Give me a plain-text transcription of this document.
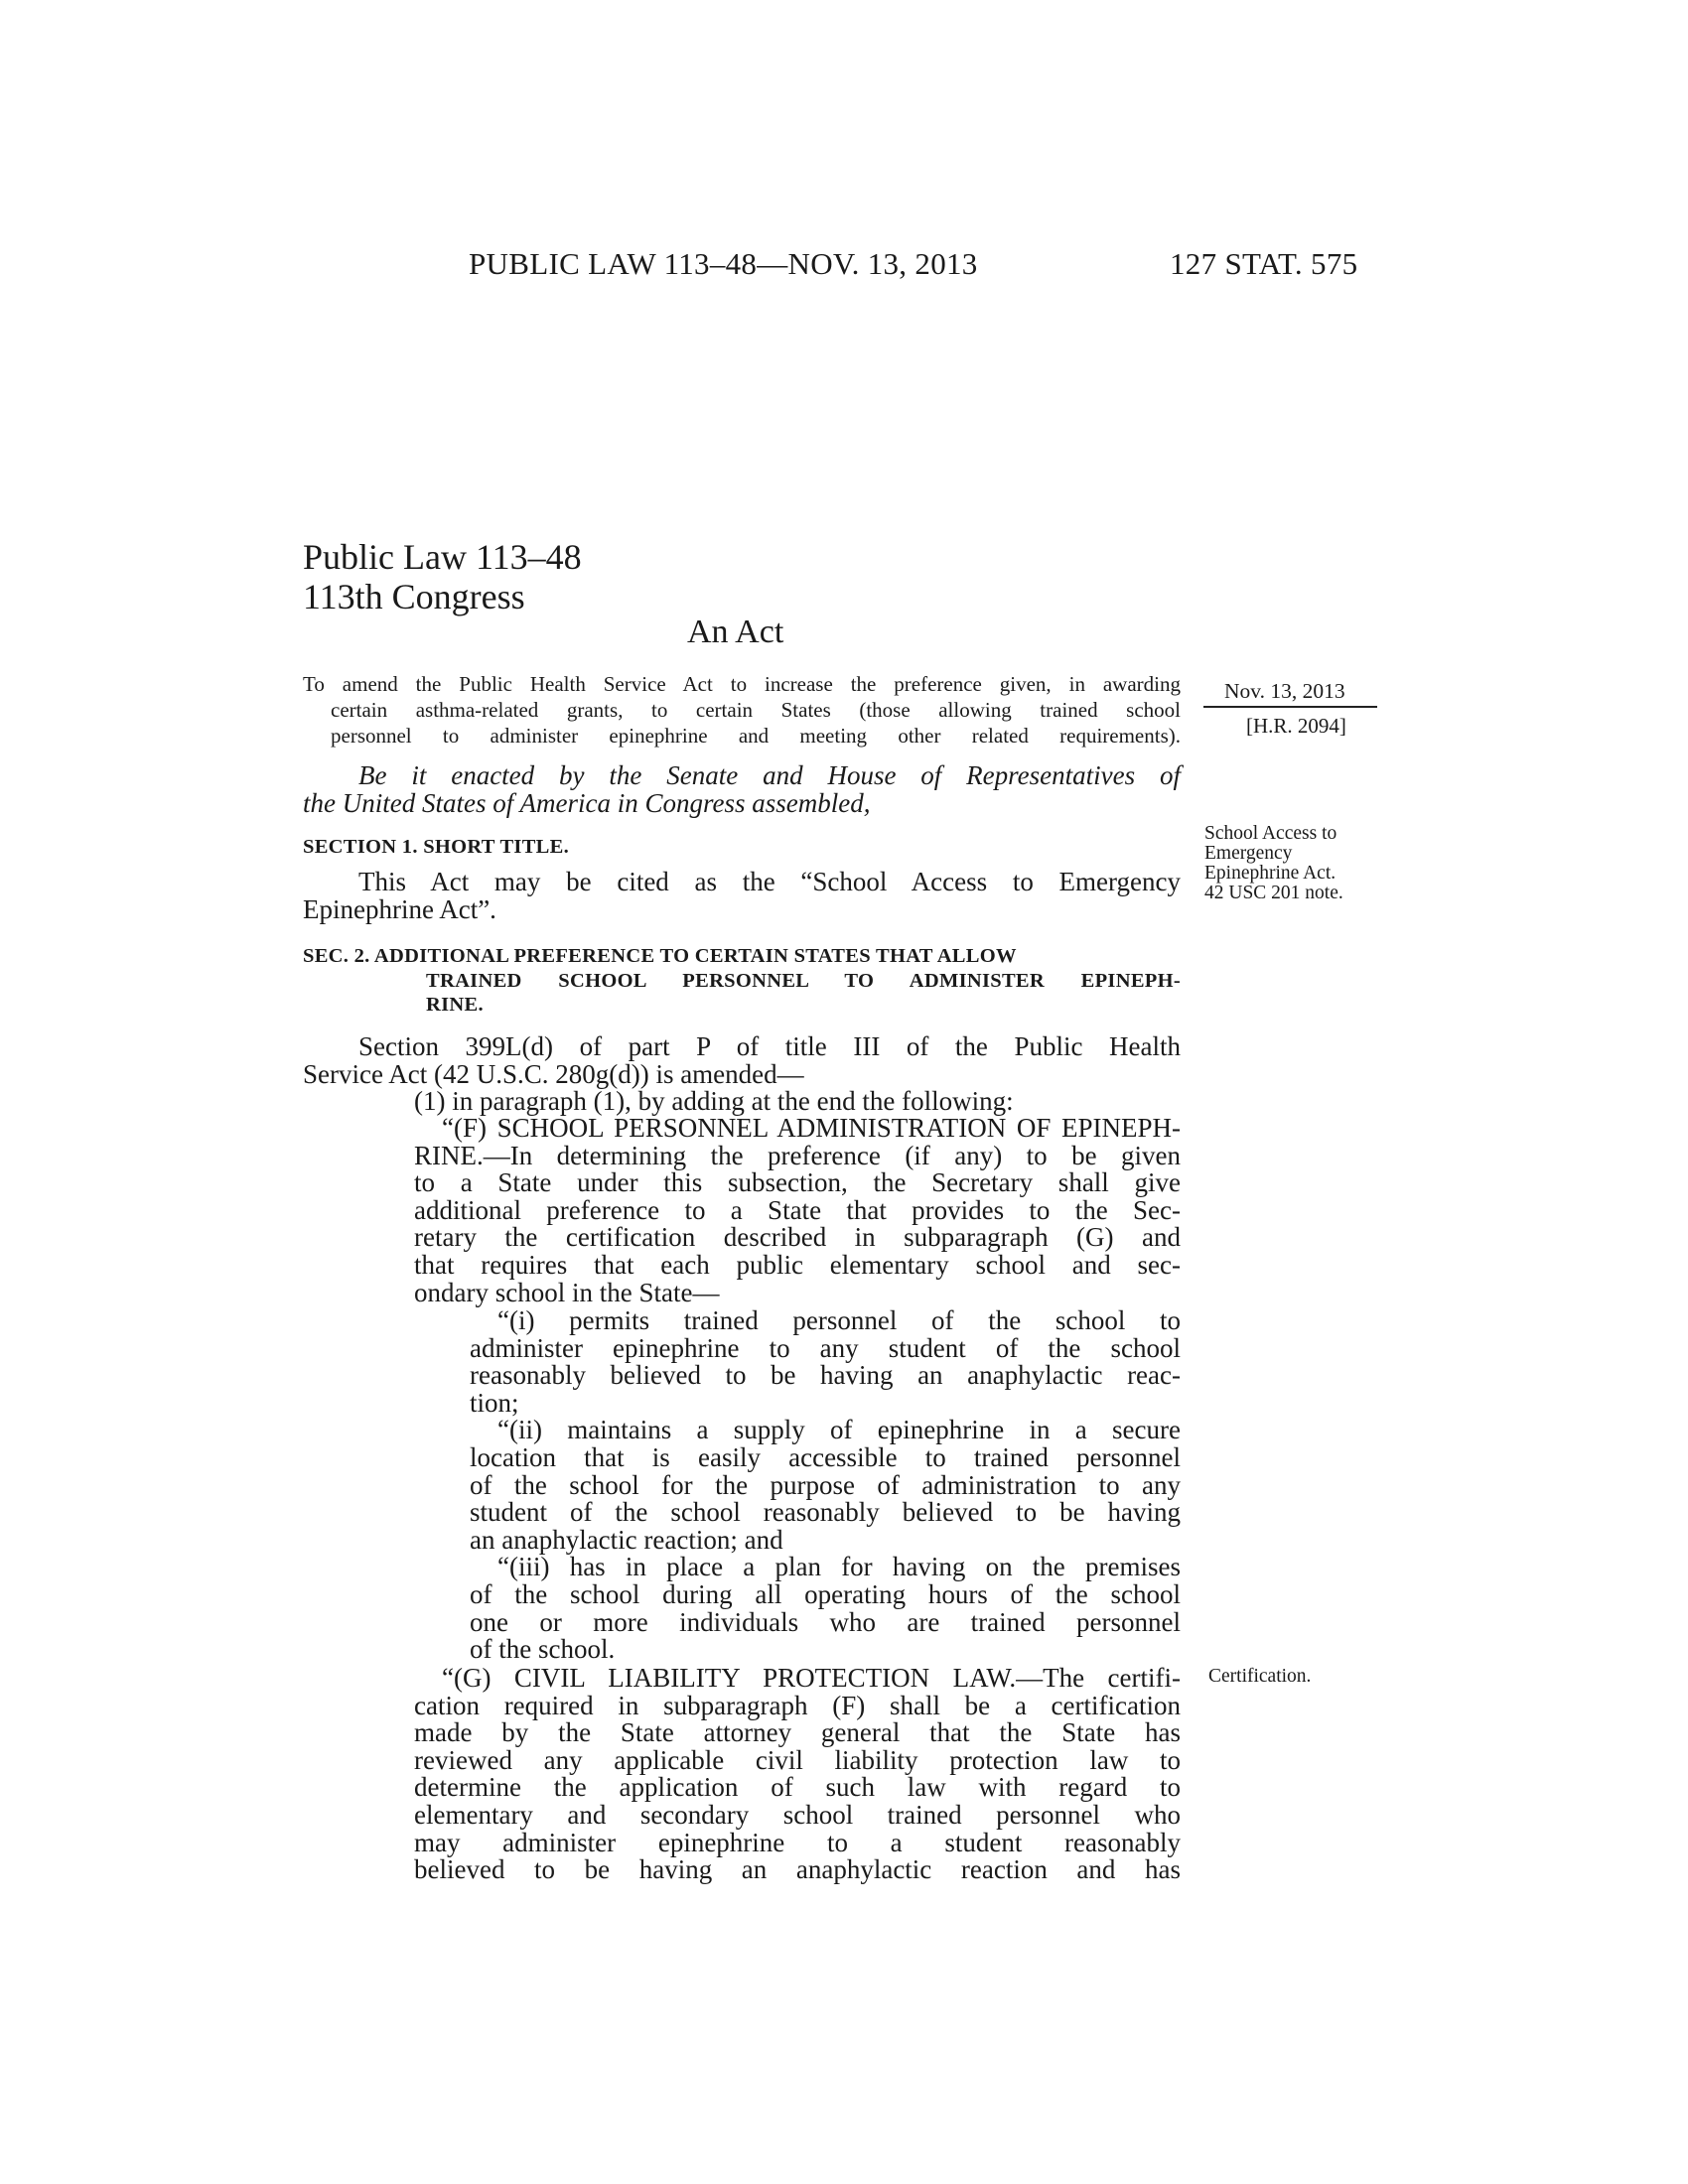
PUBLIC LAW 113–48—NOV. 13, 2013	127 STAT. 575
Public Law 113–48
113th Congress
An Act

To amend the Public Health Service Act to increase the preference given, in awarding

certain asthma-related grants, to certain States (those allowing trained school

personnel to administer epinephrine and meeting other related requirements).

Nov. 13, 2013
[H.R. 2094]
School Access to
Emergency
Epinephrine Act.
42 USC 201 note.
Certification.
Be it enacted by the Senate and House of Representatives of
the United States of America in Congress assembled,
SECTION 1. SHORT TITLE.
This Act may be cited as the “School Access to Emergency
Epinephrine Act”.
SEC. 2. ADDITIONAL PREFERENCE TO CERTAIN STATES THAT ALLOW
TRAINED SCHOOL PERSONNEL TO ADMINISTER EPINEPH-
RINE.
Section 399L(d) of part P of title III of the Public Health
Service Act (42 U.S.C. 280g(d)) is amended—
(1) in paragraph (1), by adding at the end the following:
“(F) SCHOOL PERSONNEL ADMINISTRATION OF EPINEPH-
RINE.—In determining the preference (if any) to be given
to a State under this subsection, the Secretary shall give
additional preference to a State that provides to the Sec-
retary the certification described in subparagraph (G) and
that requires that each public elementary school and sec-
ondary school in the State—
“(i) permits trained personnel of the school to
administer epinephrine to any student of the school
reasonably believed to be having an anaphylactic reac-
tion;
“(ii) maintains a supply of epinephrine in a secure
location that is easily accessible to trained personnel
of the school for the purpose of administration to any
student of the school reasonably believed to be having
an anaphylactic reaction; and
“(iii) has in place a plan for having on the premises
of the school during all operating hours of the school
one or more individuals who are trained personnel
of the school.
“(G) CIVIL LIABILITY PROTECTION LAW.—The certifi-
cation required in subparagraph (F) shall be a certification
made by the State attorney general that the State has
reviewed any applicable civil liability protection law to
determine the application of such law with regard to
elementary and secondary school trained personnel who
may administer epinephrine to a student reasonably
believed to be having an anaphylactic reaction and has
